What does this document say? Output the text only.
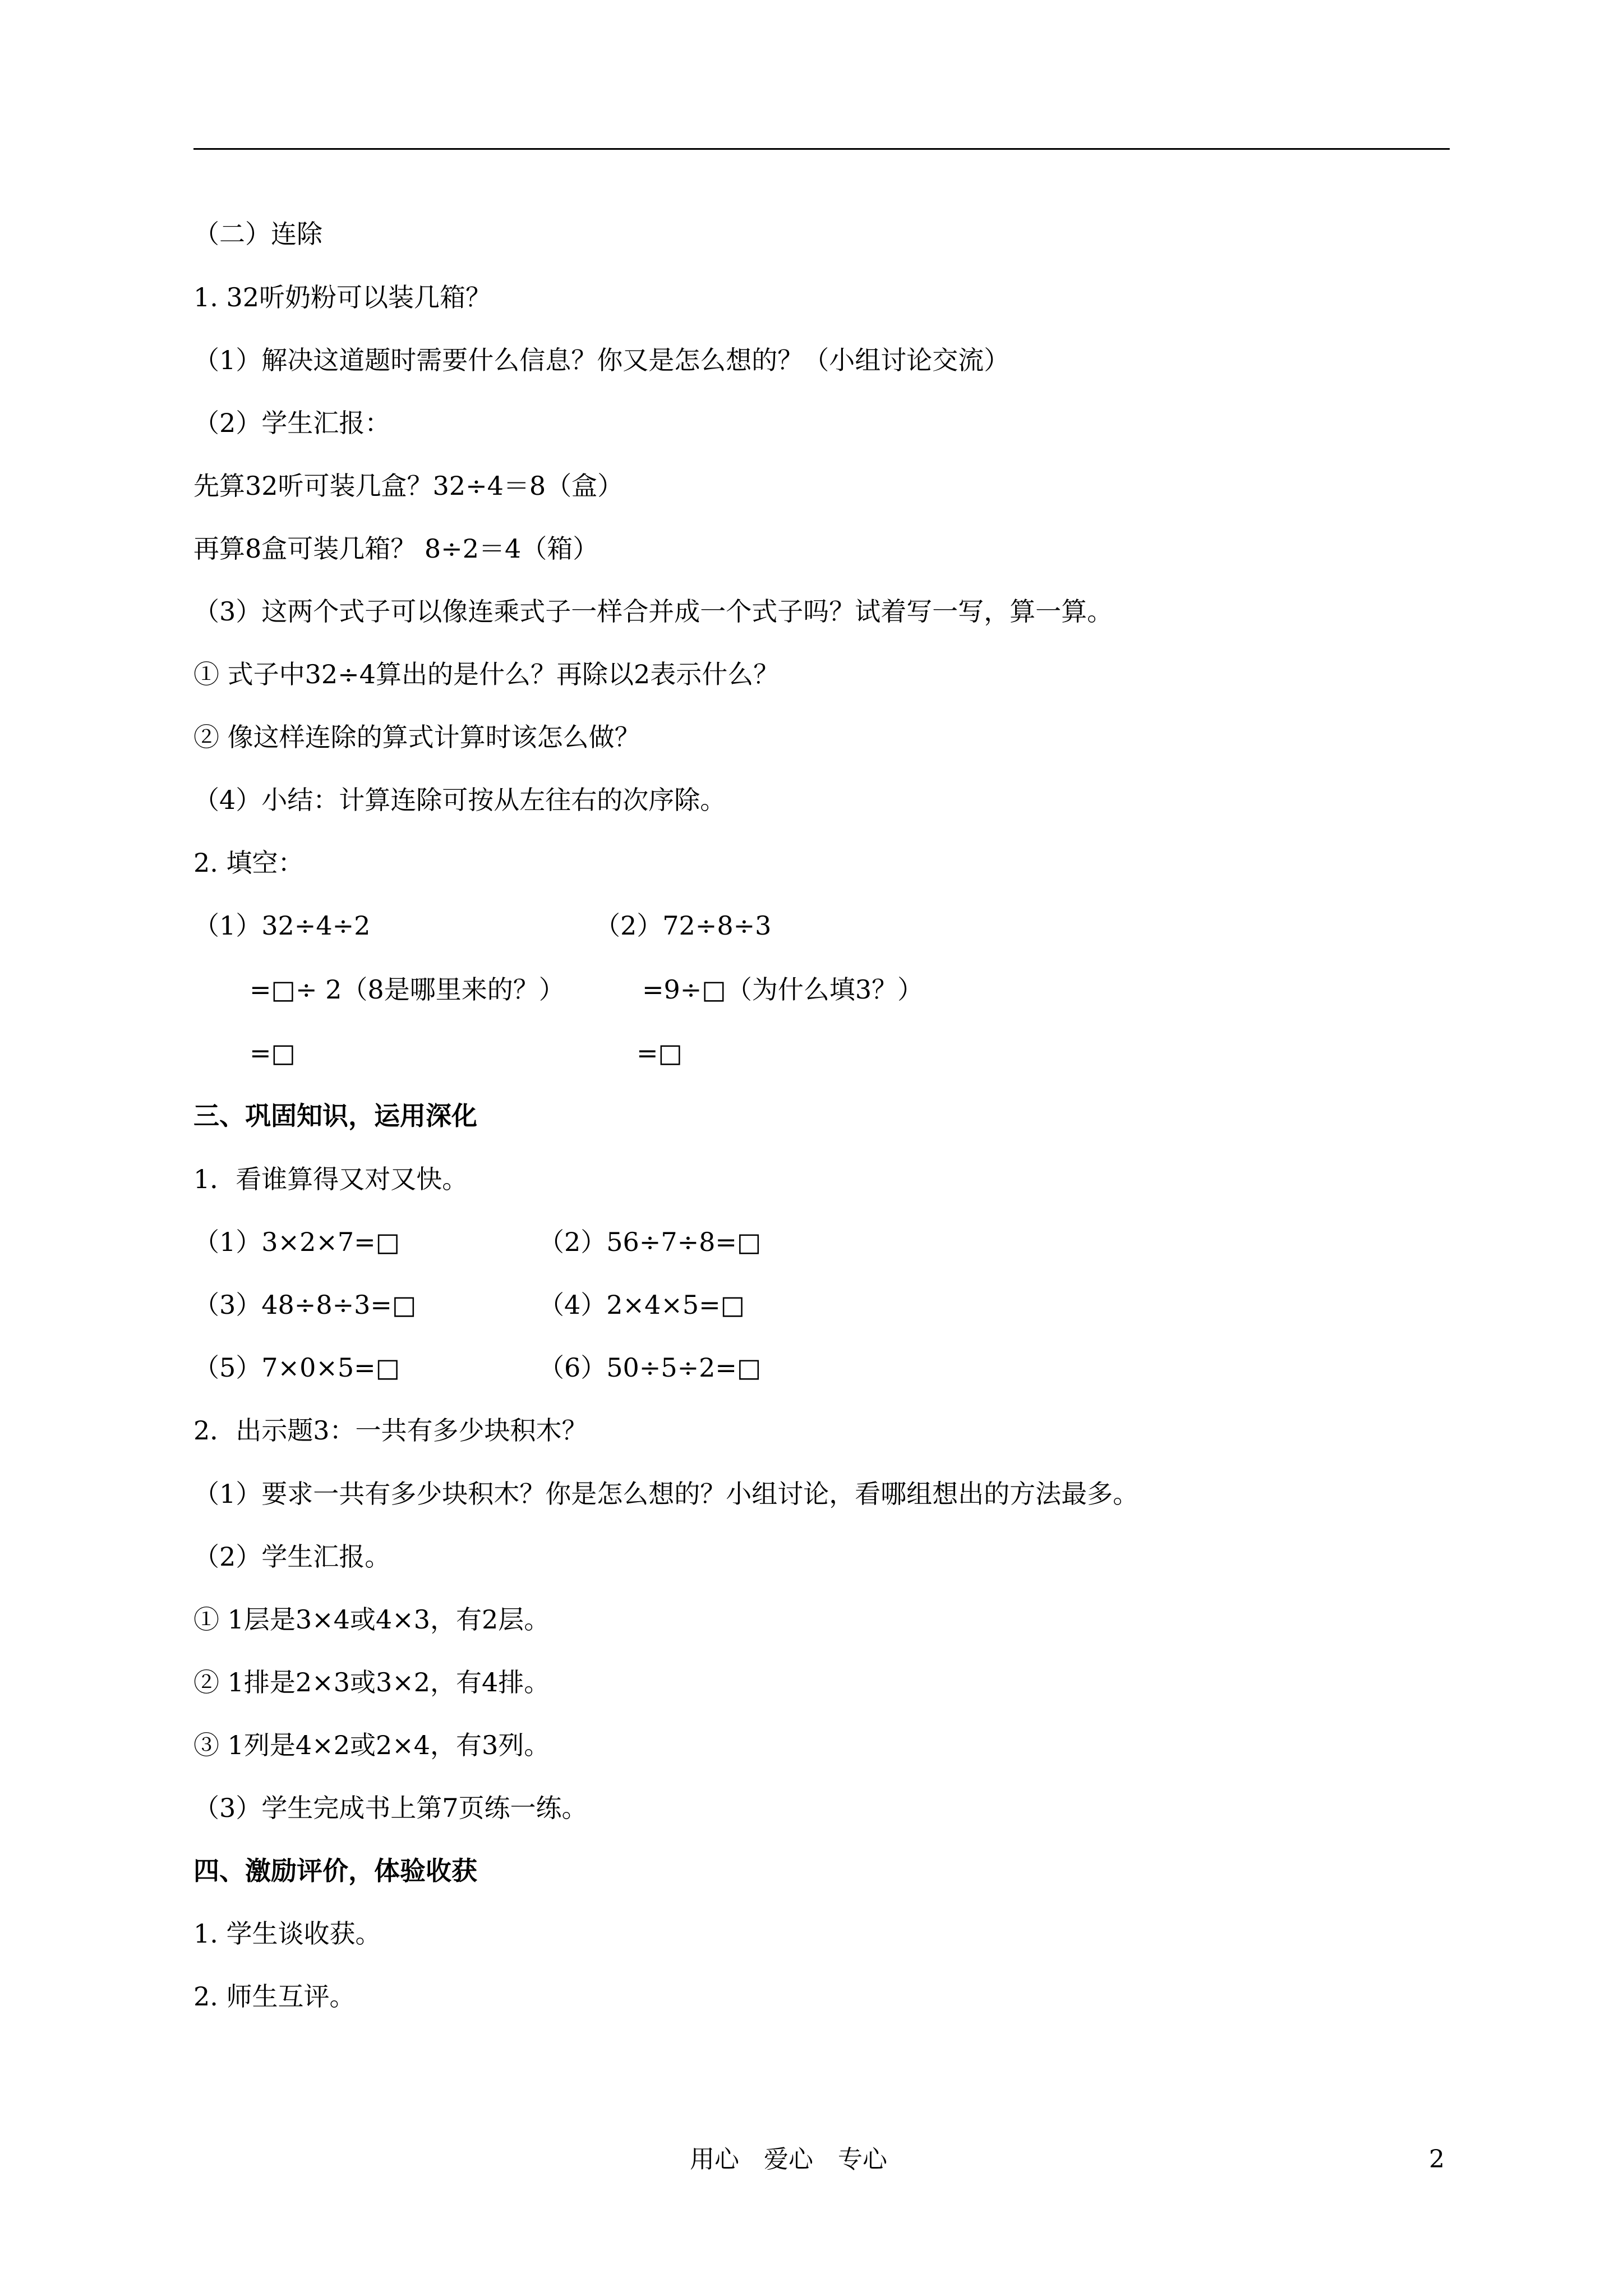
（二）连除
1. 32听奶粉可以装几箱？
（1）解决这道题时需要什么信息？你又是怎么想的？（小组讨论交流）
（2）学生汇报：
先算32听可装几盒？32÷4＝8（盒）
再算8盒可装几箱？ 8÷2＝4（箱）
（3）这两个式子可以像连乘式子一样合并成一个式子吗？试着写一写，算一算。
① 式子中32÷4算出的是什么？再除以2表示什么？
② 像这样连除的算式计算时该怎么做？
（4）小结：计算连除可按从左往右的次序除。
2. 填空：
（1）32÷4÷2	（2）72÷8÷3
=□÷ 2（8是哪里来的？）	=9÷□（为什么填3？）
=□	=□
三、巩固知识，运用深化
1．看谁算得又对又快。
（1）3×2×7=□	（2）56÷7÷8=□
（3）48÷8÷3=□	（4）2×4×5=□
（5）7×0×5=□	（6）50÷5÷2=□
2．出示题3：一共有多少块积木？
（1）要求一共有多少块积木？你是怎么想的？小组讨论，看哪组想出的方法最多。
（2）学生汇报。
① 1层是3×4或4×3，有2层。
② 1排是2×3或3×2，有4排。
③ 1列是4×2或2×4，有3列。
（3）学生完成书上第7页练一练。
四、激励评价，体验收获
1. 学生谈收获。
2. 师生互评。
用心　爱心　专心	2
